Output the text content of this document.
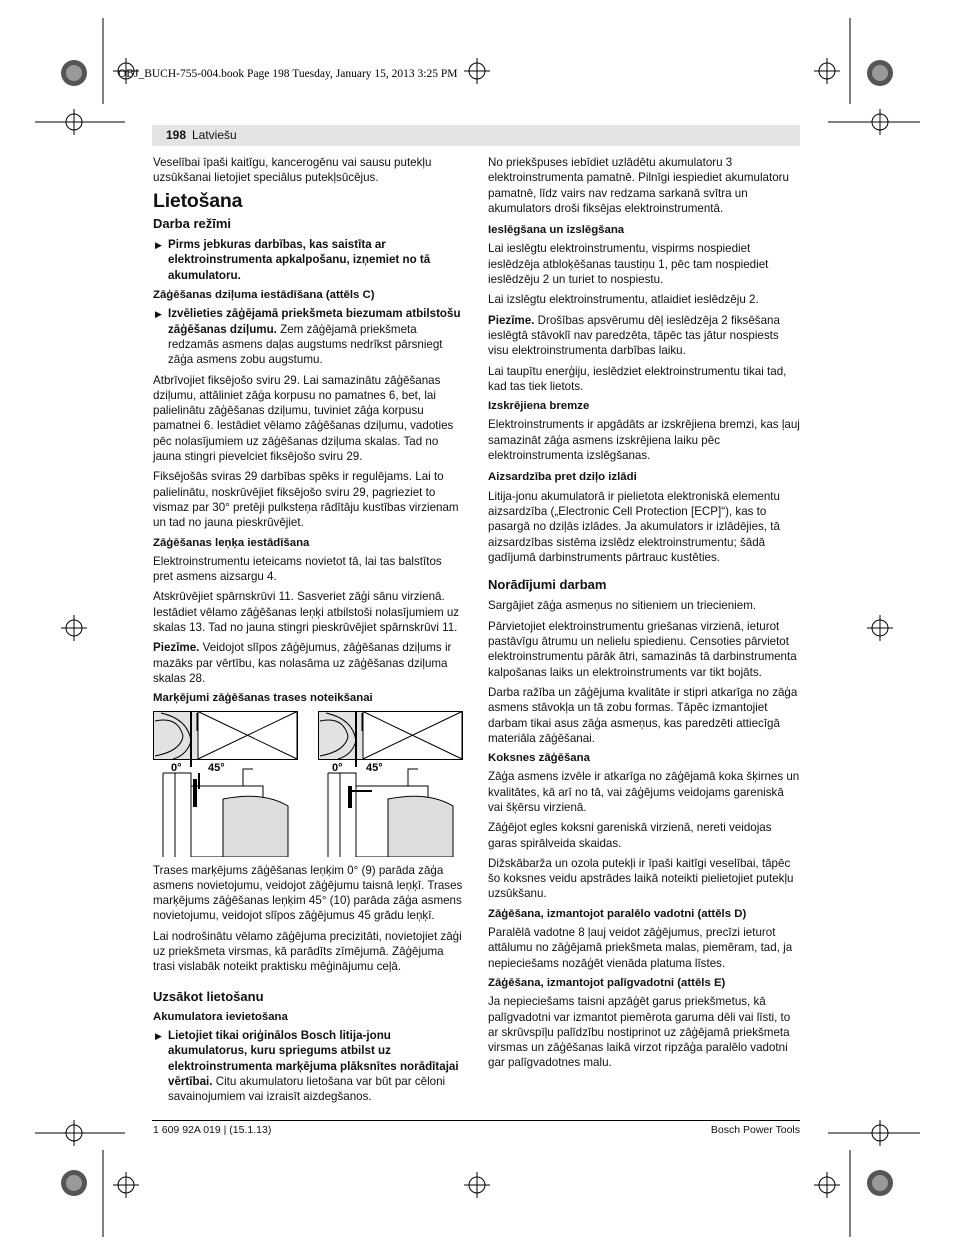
OBJ_BUCH-755-004.book Page 198 Tuesday, January 15, 2013 3:25 PM
198 Latviešu

Veselībai īpaši kaitīgu, kancerogēnu vai sausu putekļu uzsūkšanai lietojiet speciālus putekļsūcējus.

Lietošana
Darba režīmi
▶ Pirms jebkuras darbības, kas saistīta ar elektroinstrumenta apkalpošanu, izņemiet no tā akumulatoru.
Zāģēšanas dziļuma iestādīšana (attēls C)
▶ Izvēlieties zāģējamā priekšmeta biezumam atbilstošu zāģēšanas dziļumu. Zem zāģējamā priekšmeta redzamās asmens daļas augstums nedrīkst pārsniegt zāģa asmens zobu augstumu.

Atbrīvojiet fiksējošo sviru 29. Lai samazinātu zāģēšanas dziļumu, attāliniet zāģa korpusu no pamatnes 6, bet, lai palielinātu zāģēšanas dziļumu, tuviniet zāģa korpusu pamatnei 6. Iestādiet vēlamo zāģēšanas dziļumu, vadoties pēc nolasījumiem uz zāģēšanas dziļuma skalas. Tad no jauna stingri pievelciet fiksējošo sviru 29.

Fiksējošās sviras 29 darbības spēks ir regulējams. Lai to palielinātu, noskrūvējiet fiksējošo sviru 29, pagrieziet to vismaz par 30° pretēji pulksteņa rādītāju kustības virzienam un tad no jauna pieskrūvējiet.

Zāģēšanas leņķa iestādīšana

Elektroinstrumentu ieteicams novietot tā, lai tas balstītos pret asmens aizsargu 4.

Atskrūvējiet spārnskrūvi 11. Sasveriet zāģi sānu virzienā. Iestādiet vēlamo zāģēšanas leņķi atbilstoši nolasījumiem uz skalas 13. Tad no jauna stingri pieskrūvējiet spārnskrūvi 11.

Piezīme. Veidojot slīpos zāģējumus, zāģēšanas dziļums ir mazāks par vērtību, kas nolasāma uz zāģēšanas dziļuma skalas 28.

Marķējumi zāģēšanas trases noteikšanai
0° 45°	0° 45°

Trases marķējums zāģēšanas leņķim 0° (9) parāda zāģa asmens novietojumu, veidojot zāģējumu taisnā leņķī. Trases marķējums zāģēšanas leņķim 45° (10) parāda zāģa asmens novietojumu, veidojot slīpos zāģējumus 45 grādu leņķī.

Lai nodrošinātu vēlamo zāģējuma precizitāti, novietojiet zāģi uz priekšmeta virsmas, kā parādīts zīmējumā. Zāģējuma trasi vislabāk noteikt praktisku mēģinājumu ceļā.

Uzsākot lietošanu
Akumulatora ievietošana
▶ Lietojiet tikai oriģinālos Bosch litija-jonu akumulatorus, kuru spriegums atbilst uz elektroinstrumenta marķējuma plāksnītes norādītajai vērtībai. Citu akumulatoru lietošana var būt par cēloni savainojumiem vai izraisīt aizdegšanos.

No priekšpuses iebīdiet uzlādētu akumulatoru 3 elektroinstrumenta pamatnē. Pilnīgi iespiediet akumulatoru pamatnē, līdz vairs nav redzama sarkanā svītra un akumulators droši fiksējas elektroinstrumentā.

Ieslēgšana un izslēgšana

Lai ieslēgtu elektroinstrumentu, vispirms nospiediet ieslēdzēja atbloķēšanas taustiņu 1, pēc tam nospiediet ieslēdzēju 2 un turiet to nospiestu.

Lai izslēgtu elektroinstrumentu, atlaidiet ieslēdzēju 2.

Piezīme. Drošības apsvērumu dēļ ieslēdzēja 2 fiksēšana ieslēgtā stāvoklī nav paredzēta, tāpēc tas jātur nospiests visu elektroinstrumenta darbības laiku.

Lai taupītu enerģiju, ieslēdziet elektroinstrumentu tikai tad, kad tas tiek lietots.

Izskrējiena bremze

Elektroinstruments ir apgādāts ar izskrējiena bremzi, kas ļauj samazināt zāģa asmens izskrējiena laiku pēc elektroinstrumenta izslēgšanas.

Aizsardzība pret dziļo izlādi

Litija-jonu akumulatorā ir pielietota elektroniskā elementu aizsardzība („Electronic Cell Protection [ECP]“), kas to pasargā no dziļās izlādes. Ja akumulators ir izlādējies, tā aizsardzības sistēma izslēdz elektroinstrumentu; šādā gadījumā darbinstruments pārtrauc kustēties.

Norādījumi darbam

Sargājiet zāģa asmeņus no sitieniem un triecieniem.

Pārvietojiet elektroinstrumentu griešanas virzienā, ieturot pastāvīgu ātrumu un nelielu spiedienu. Censoties pārvietot elektroinstrumentu pārāk ātri, samazinās tā darbinstrumenta kalpošanas laiks un elektroinstruments var tikt bojāts.

Darba ražība un zāģējuma kvalitāte ir stipri atkarīga no zāģa asmens stāvokļa un tā zobu formas. Tāpēc izmantojiet darbam tikai asus zāģa asmeņus, kas paredzēti attiecīgā materiāla zāģēšanai.

Koksnes zāģēšana

Zāģa asmens izvēle ir atkarīga no zāģējamā koka šķirnes un kvalitātes, kā arī no tā, vai zāģējums veidojams gareniskā vai šķērsu virzienā.

Zāģējot egles koksni gareniskā virzienā, nereti veidojas garas spirālveida skaidas.

Dižskābarža un ozola putekļi ir īpaši kaitīgi veselībai, tāpēc šo koksnes veidu apstrādes laikā noteikti pielietojiet putekļu uzsūkšanu.

Zāģēšana, izmantojot paralēlo vadotni (attēls D)

Paralēlā vadotne 8 ļauj veidot zāģējumus, precīzi ieturot attālumu no zāģējamā priekšmeta malas, piemēram, tad, ja nepieciešams nozāģēt vienāda platuma līstes.

Zāģēšana, izmantojot palīgvadotni (attēls E)

Ja nepieciešams taisni apzāģēt garus priekšmetus, kā palīgvadotni var izmantot piemērota garuma dēli vai līsti, to ar skrūvspīļu palīdzību nostiprinot uz zāģējamā priekšmeta virsmas un zāģēšanas laikā virzot ripzāģa paralēlo vadotni gar palīgvadotnes malu.

1 609 92A 019 | (15.1.13)	Bosch Power Tools
